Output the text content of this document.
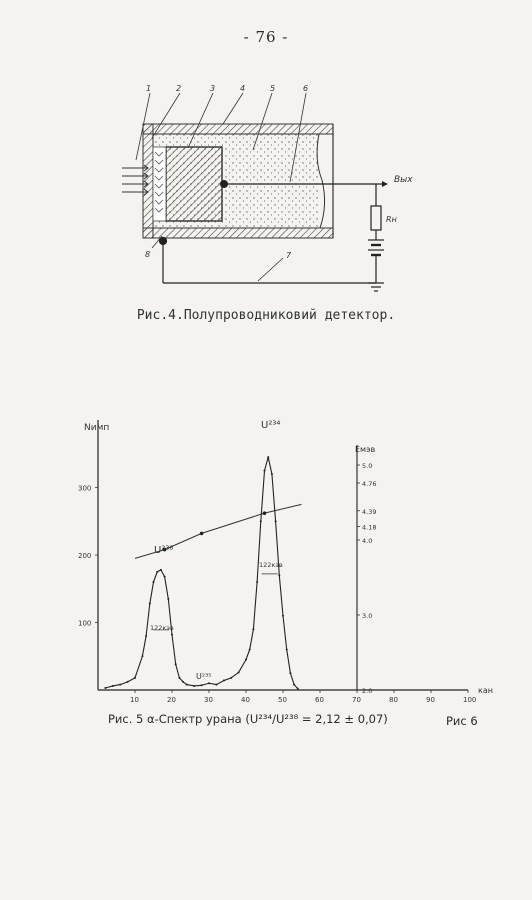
- 76 -
Вых
Rн
1	2	3	4	5	6
7
8
Рис.4.Полупроводниковий детектор.
10	20	30	40	50	60	70	80	90	100
100
200
300
5.0
4.76
4.39
4.18
4.0
3.0
2.0
Nимп
Eмэв
кан
U²³⁸
U²³⁵
U²³⁴
122кэв
122кэв
Рис. 5 α-Спектр урана (U²³⁴/U²³⁸ = 2,12 ± 0,07)	Рис 6
